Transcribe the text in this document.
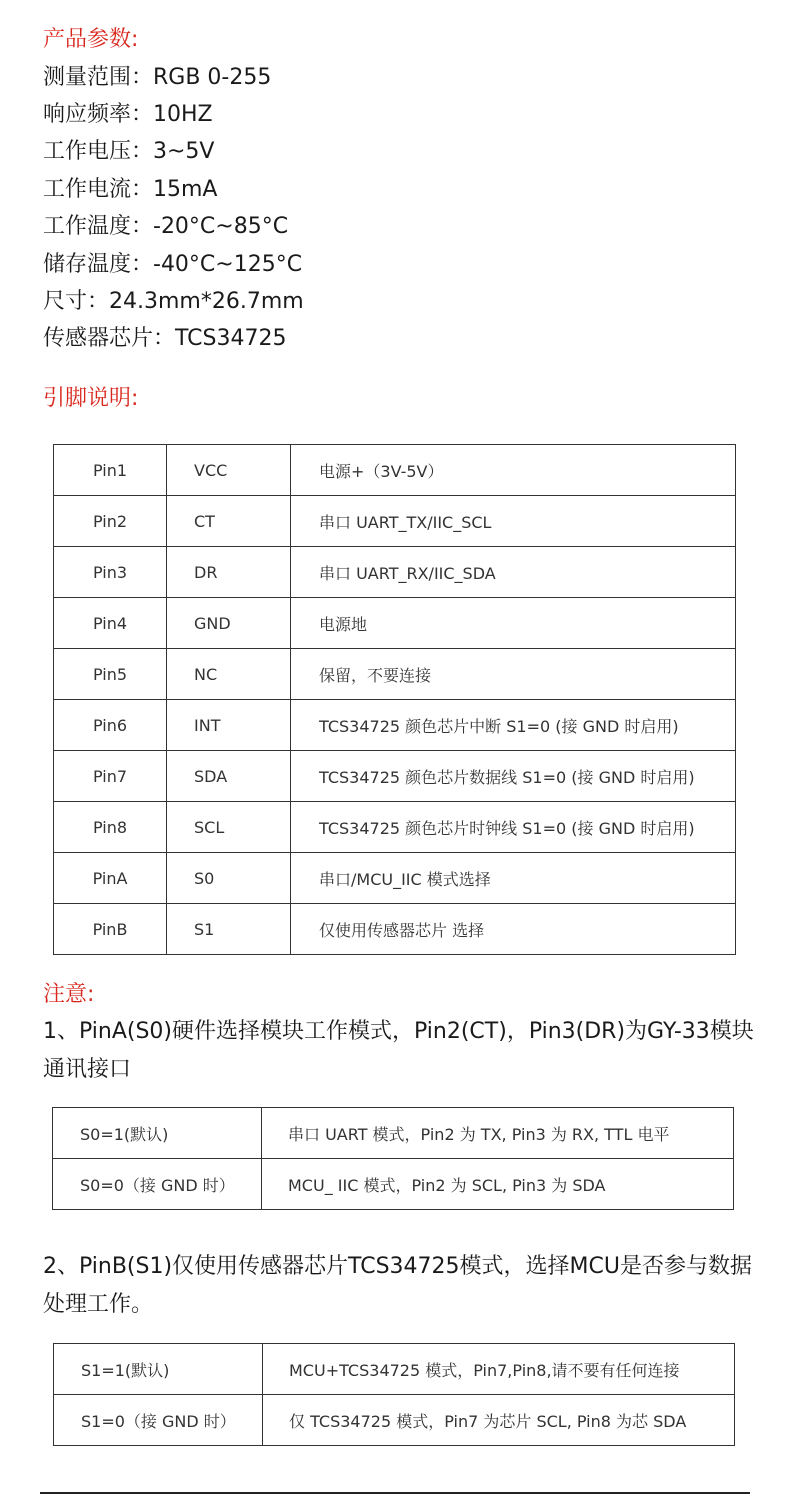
产品参数:
测量范围：RGB 0-255
响应频率：10HZ
工作电压：3~5V
工作电流：15mA
工作温度：-20°C~85°C
储存温度：-40°C~125°C
尺寸：24.3mm*26.7mm
传感器芯片：TCS34725
引脚说明:
Pin1	VCC	电源+（3V-5V）
Pin2	CT	串口 UART_TX/IIC_SCL
Pin3	DR	串口 UART_RX/IIC_SDA
Pin4	GND	电源地
Pin5	NC	保留，不要连接
Pin6	INT	TCS34725 颜色芯片中断 S1=0 (接 GND 时启用)
Pin7	SDA	TCS34725 颜色芯片数据线 S1=0 (接 GND 时启用)
Pin8	SCL	TCS34725 颜色芯片时钟线 S1=0 (接 GND 时启用)
PinA	S0	串口/MCU_IIC 模式选择
PinB	S1	仅使用传感器芯片 选择
注意:
1、PinA(S0)硬件选择模块工作模式，Pin2(CT)，Pin3(DR)为GY-33模块通讯接口
S0=1(默认)	串口 UART 模式，Pin2 为 TX, Pin3 为 RX, TTL 电平
S0=0（接 GND 时）	MCU_ IIC 模式，Pin2 为 SCL, Pin3 为 SDA
2、PinB(S1)仅使用传感器芯片TCS34725模式，选择MCU是否参与数据处理工作。
S1=1(默认)	MCU+TCS34725 模式，Pin7,Pin8,请不要有任何连接
S1=0（接 GND 时）	仅 TCS34725 模式，Pin7 为芯片 SCL, Pin8 为芯 SDA
